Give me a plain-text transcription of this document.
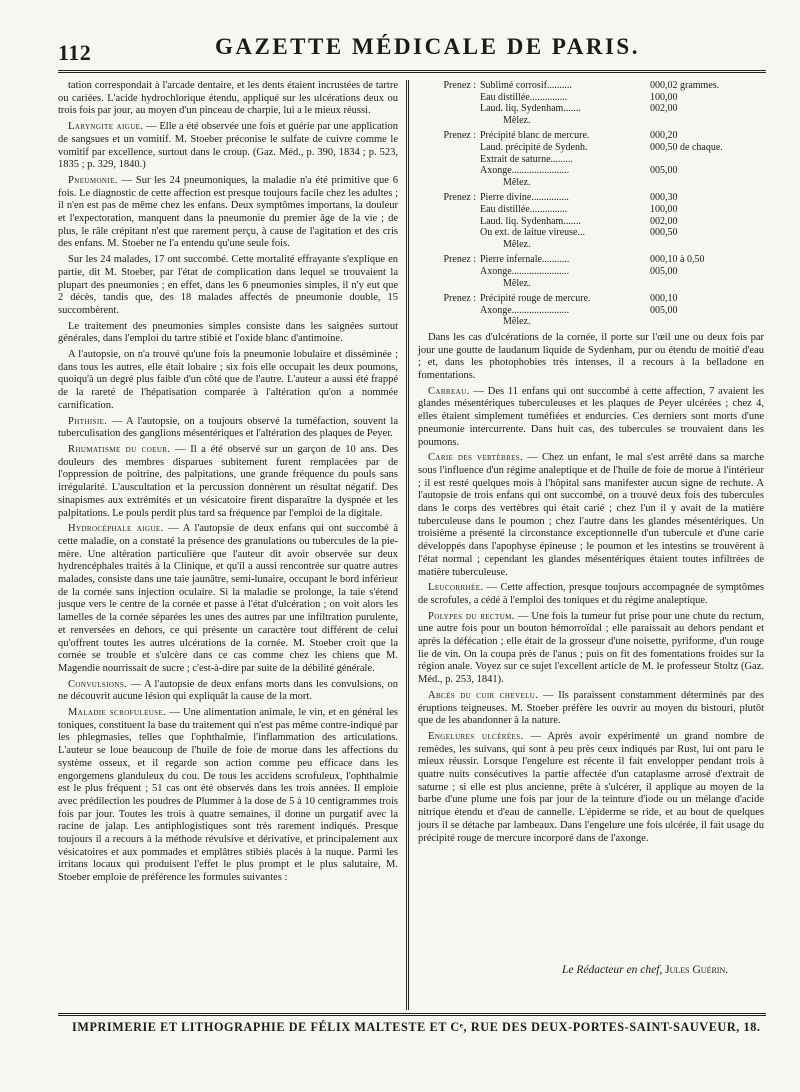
112	GAZETTE MÉDICALE DE PARIS.

tation correspondait à l'arcade dentaire, et les dents étaient incrustées de tartre ou cariées. L'acide hydrochlorique étendu, appliqué sur les ulcérations deux ou trois fois par jour, au moyen d'un pinceau de charpie, lui a le mieux réussi.

Laryngite aigue. — Elle a été observée une fois et guérie par une application de sangsues et un vomitif. M. Stoeber préconise le sulfate de cuivre comme le vomitif par excellence, surtout dans le croup. (Gaz. Méd., p. 390, 1834 ; p. 523, 1835 ; p. 329, 1840.)

Pneumonie. — Sur les 24 pneumoniques, la maladie n'a été primitive que 6 fois. Le diagnostic de cette affection est presque toujours facile chez les adultes ; il n'en est pas de même chez les enfans. Deux symptômes importans, la douleur et l'expectoration, manquent dans la pneumonie du premier âge de la vie ; de plus, le râle crépitant n'est que rarement perçu, à cause de l'agitation et des cris des enfans. M. Stoeber ne l'a entendu qu'une seule fois.

Sur les 24 malades, 17 ont succombé. Cette mortalité effrayante s'explique en partie, dit M. Stoeber, par l'état de complication dans lequel se trouvaient la plupart des pneumonies ; en effet, dans les 6 pneumonies simples, il n'y eut que 2 décès, tandis que, des 18 malades affectés de pneumonie double, 15 succombèrent.

Le traitement des pneumonies simples consiste dans les saignées surtout générales, dans l'emploi du tartre stibié et l'oxide blanc d'antimoine.

A l'autopsie, on n'a trouvé qu'une fois la pneumonie lobulaire et disséminée ; dans tous les autres, elle était lobaire ; six fois elle occupait les deux poumons, quoiqu'à un degré plus faible d'un côté que de l'autre. L'auteur a aussi été frappé de la rareté de l'hépatisation comparée à l'altération qu'on a nommée carnification.

Phthisie. — A l'autopsie, on a toujours observé la tuméfaction, souvent la tuberculisation des ganglions mésentériques et l'altération des plaques de Peyer.

Rhumatisme du coeur. — Il a été observé sur un garçon de 10 ans. Des douleurs des membres disparues subitement furent remplacées par de l'oppression de poitrine, des palpitations, une grande fréquence du pouls sans irrégularité. L'auscultation et la percussion donnèrent un résultat négatif. Des sinapismes aux extrémités et un vésicatoire firent disparaître la dyspnée et les palpitations. Le pouls perdit plus tard sa fréquence par l'emploi de la digitale.

Hydrocéphale aigue. — A l'autopsie de deux enfans qui ont succombé à cette maladie, on a constaté la présence des granulations ou tubercules de la pie-mère. Une altération particulière que l'auteur dit avoir observée sur deux hydrencéphales traités à la Clinique, et qu'il a aussi rencontrée sur quatre autres malades, consiste dans une taie jaunâtre, semi-lunaire, occupant le bord inférieur de la cornée sans injection oculaire. Si la maladie se prolonge, la taie s'étend jusque vers le centre de la cornée et passe à l'état d'ulcération ; on voit alors les lamelles de la cornée séparées les unes des autres par une infiltration purulente, et renversées en dehors, ce qui présente un caractère tout différent de celui qu'offrent toutes les autres ulcérations de la cornée. M. Stoeber croit que la cornée se trouble et s'ulcère dans ce cas comme chez les chiens que M. Magendie nourrissait de sucre ; c'est-à-dire par suite de la débilité générale.

Convulsions. — A l'autopsie de deux enfans morts dans les convulsions, on ne découvrit aucune lésion qui expliquât la cause de la mort.

Maladie scrofuleuse. — Une alimentation animale, le vin, et en général les toniques, constituent la base du traitement qui n'est pas même contre-indiqué par les phlegmasies, telles que l'ophthalmie, l'inflammation des articulations. L'auteur se loue beaucoup de l'huile de foie de morue dans les affections du système osseux, et il regarde son action comme peu efficace dans les engorgemens glanduleux du cou. De tous les accidens scrofuleux, l'ophthalmie est le plus fréquent ; 51 cas ont été observés dans les trois années. Il emploie avec prédilection les poudres de Plummer à la dose de 5 à 10 centigrammes trois fois par jour. Toutes les trois à quatre semaines, il donne un purgatif avec la racine de jalap. Les antiphlogistiques sont très rarement indiqués. Presque toujours il a recours à la méthode révulsive et dérivative, et principalement aux vésicatoires et aux pommades et emplâtres stibiés placés à la nuque. Parmi les irritans locaux qui produisent l'effet le plus prompt et le plus salutaire, M. Stoeber emploie de préférence les formules suivantes :

Prenez : Sublimé corrosif..........	000,02 grammes.
Eau distillée...............	100,00
Laud. liq. Sydenham.......	002,00
Mêlez.
Prenez : Précipité blanc de mercure.	000,20
Laud. précipité de Sydenh.	000,50 de chaque.
Extrait de saturne.........
Axonge.......................	005,00
Mêlez.
Prenez : Pierre divine...............	000,30
Eau distillée...............	100,00
Laud. liq. Sydenham.......	002,00
Ou ext. de laitue vireuse...	000,50
Mêlez.
Prenez : Pierre infernale...........	000,10 à 0,50
Axonge.......................	005,00
Mêlez.
Prenez : Précipité rouge de mercure.	000,10
Axonge.......................	005,00
Mêlez.

Dans les cas d'ulcérations de la cornée, il porte sur l'œil une ou deux fois par jour une goutte de laudanum liquide de Sydenham, pur ou étendu de moitié d'eau ; et, dans les photophobies très intenses, il a recours à la belladone en fomentations.

Carreau. — Des 11 enfans qui ont succombé à cette affection, 7 avaient les glandes mésentériques tuberculeuses et les plaques de Peyer ulcérées ; chez 4, elles étaient simplement tuméfiées et endurcies. Ces derniers sont morts d'une pneumonie intercurrente. Dans huit cas, des tubercules se trouvaient dans les poumons.

Carie des vertèbres. — Chez un enfant, le mal s'est arrêté dans sa marche sous l'influence d'un régime analeptique et de l'huile de foie de morue à l'intérieur ; il est resté quelques mois à l'hôpital sans manifester aucun signe de rechute. A l'autopsie de trois enfans qui ont succombé, on a trouvé deux fois des tubercules dans le corps des vertèbres qui était carié ; chez l'un il y avait de la matière tuberculeuse dans le poumon ; chez l'autre dans les glandes mésentériques. Un troisième a présenté la circonstance exceptionnelle d'un tubercule et d'une carie développés dans l'apophyse épineuse ; le poumon et les intestins se trouvèrent à l'état normal ; cependant les glandes mésentériques étaient toutes infiltrées de matière tuberculeuse.

Leucorrhée. — Cette affection, presque toujours accompagnée de symptômes de scrofules, a cédé à l'emploi des toniques et du régime analeptique.

Polypes du rectum. — Une fois la tumeur fut prise pour une chute du rectum, une autre fois pour un bouton hémorroïdal ; elle paraissait au dehors pendant et après la défécation ; elle était de la grosseur d'une noisette, pyriforme, d'un rouge lie de vin. On la coupa près de l'anus ; puis on fit des fomentations froides sur la région anale. Voyez sur ce sujet l'excellent article de M. le professeur Stoltz (Gaz. Méd., p. 253, 1841).

Abcès du cuir chevelu. — Ils paraissent constamment déterminés par des éruptions teigneuses. M. Stoeber préfère les ouvrir au moyen du bistouri, plutôt que de les abandonner à la nature.

Engelures ulcérées. — Après avoir expérimenté un grand nombre de remèdes, les suivans, qui sont à peu près ceux indiqués par Rust, lui ont paru le mieux réussir. Lorsque l'engelure est récente il fait envelopper pendant trois à quatre nuits consécutives la partie affectée d'un cataplasme arrosé d'extrait de saturne ; si elle est plus ancienne, prête à s'ulcérer, il applique au moyen de la barbe d'une plume une fois par jour de la teinture d'iode ou un mélange d'acide nitrique étendu et d'eau de cannelle. L'épiderme se ride, et au bout de quelques jours il se détache par lambeaux. Dans l'engelure une fois ulcérée, il fait usage du précipité rouge de mercure incorporé dans de l'axonge.

Le Rédacteur en chef, Jules Guérin.
IMPRIMERIE ET LITHOGRAPHIE DE FÉLIX MALTESTE ET Cᵉ, RUE DES DEUX-PORTES-SAINT-SAUVEUR, 18.
